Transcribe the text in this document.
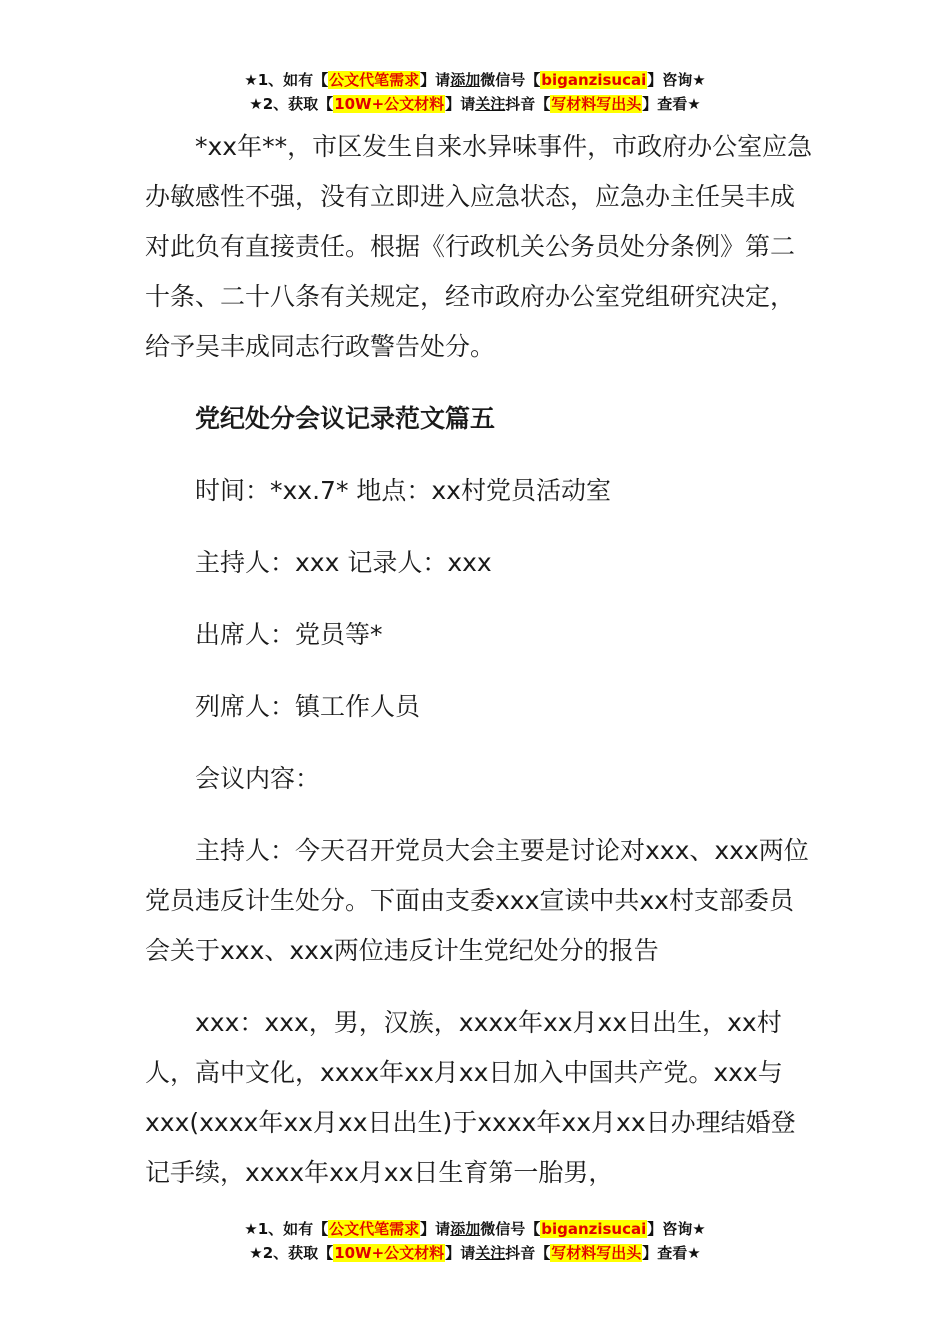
★1、如有【公文代笔需求】请添加微信号【biganzisucai】咨询★
★2、获取【10W+公文材料】请关注抖音【写材料写出头】查看★

*xx年**，市区发生自来水异味事件，市政府办公室应急办敏感性不强，没有立即进入应急状态，应急办主任吴丰成对此负有直接责任。根据《行政机关公务员处分条例》第二十条、二十八条有关规定，经市政府办公室党组研究决定，给予吴丰成同志行政警告处分。

党纪处分会议记录范文篇五

时间：*xx.7* 地点：xx村党员活动室

主持人：xxx 记录人：xxx

出席人：党员等*

列席人：镇工作人员

会议内容：

主持人：今天召开党员大会主要是讨论对xxx、xxx两位党员违反计生处分。下面由支委xxx宣读中共xx村支部委员会关于xxx、xxx两位违反计生党纪处分的报告

xxx：xxx，男，汉族，xxxx年xx月xx日出生，xx村人，高中文化，xxxx年xx月xx日加入中国共产党。xxx与xxx(xxxx年xx月xx日出生)于xxxx年xx月xx日办理结婚登记手续，xxxx年xx月xx日生育第一胎男，

★1、如有【公文代笔需求】请添加微信号【biganzisucai】咨询★
★2、获取【10W+公文材料】请关注抖音【写材料写出头】查看★
